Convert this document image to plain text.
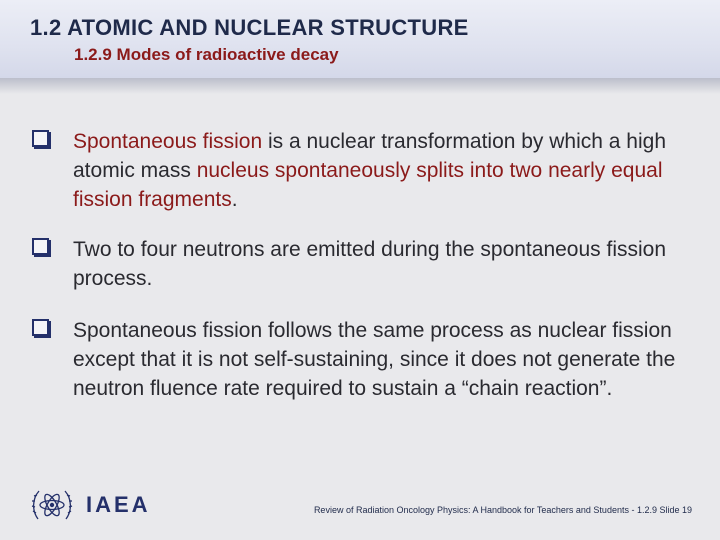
1.2 ATOMIC AND NUCLEAR STRUCTURE
1.2.9 Modes of radioactive decay
Spontaneous fission is a nuclear transformation by which a high atomic mass nucleus spontaneously splits into two nearly equal fission fragments.
Two to four neutrons are emitted during the spontaneous fission process.
Spontaneous fission follows the same process as nuclear fission except that it is not self-sustaining, since it does not generate the neutron fluence rate required to sustain a “chain reaction”.
IAEA	Review of Radiation Oncology Physics: A Handbook for Teachers and Students - 1.2.9 Slide 19
